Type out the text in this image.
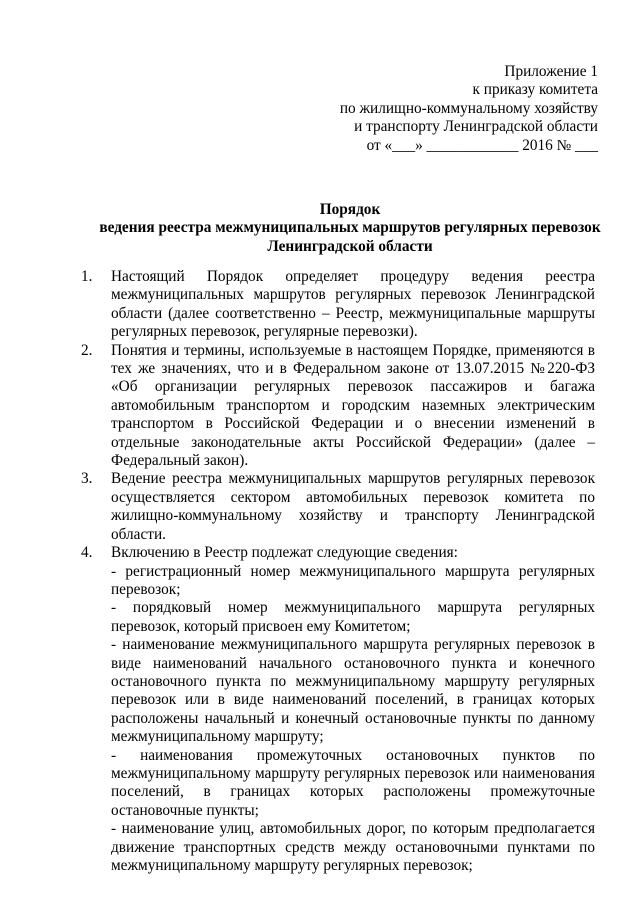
Приложение 1
к приказу комитета
по жилищно-коммунальному хозяйству
и транспорту Ленинградской области
от «___» ____________ 2016 № ___
Порядок
ведения реестра межмуниципальных маршрутов регулярных перевозок
Ленинградской области
1. Настоящий Порядок определяет процедуру ведения реестра межмуниципальных маршрутов регулярных перевозок Ленинградской области (далее соответственно – Реестр, межмуниципальные маршруты регулярных перевозок, регулярные перевозки).
2. Понятия и термины, используемые в настоящем Порядке, применяются в тех же значениях, что и в Федеральном законе от 13.07.2015 №220-ФЗ «Об организации регулярных перевозок пассажиров и багажа автомобильным транспортом и городским наземных электрическим транспортом в Российской Федерации и о внесении изменений в отдельные законодательные акты Российской Федерации» (далее – Федеральный закон).
3. Ведение реестра межмуниципальных маршрутов регулярных перевозок осуществляется сектором автомобильных перевозок комитета по жилищно-коммунальному хозяйству и транспорту Ленинградской области.
4. Включению в Реестр подлежат следующие сведения:

- регистрационный номер межмуниципального маршрута регулярных перевозок;

- порядковый номер межмуниципального маршрута регулярных перевозок, который присвоен ему Комитетом;

- наименование межмуниципального маршрута регулярных перевозок в виде наименований начального остановочного пункта и конечного остановочного пункта по межмуниципальному маршруту регулярных перевозок или в виде наименований поселений, в границах которых расположены начальный и конечный остановочные пункты по данному межмуниципальному маршруту;

- наименования промежуточных остановочных пунктов по межмуниципальному маршруту регулярных перевозок или наименования поселений, в границах которых расположены промежуточные остановочные пункты;

- наименование улиц, автомобильных дорог, по которым предполагается движение транспортных средств между остановочными пунктами по межмуниципальному маршруту регулярных перевозок;
